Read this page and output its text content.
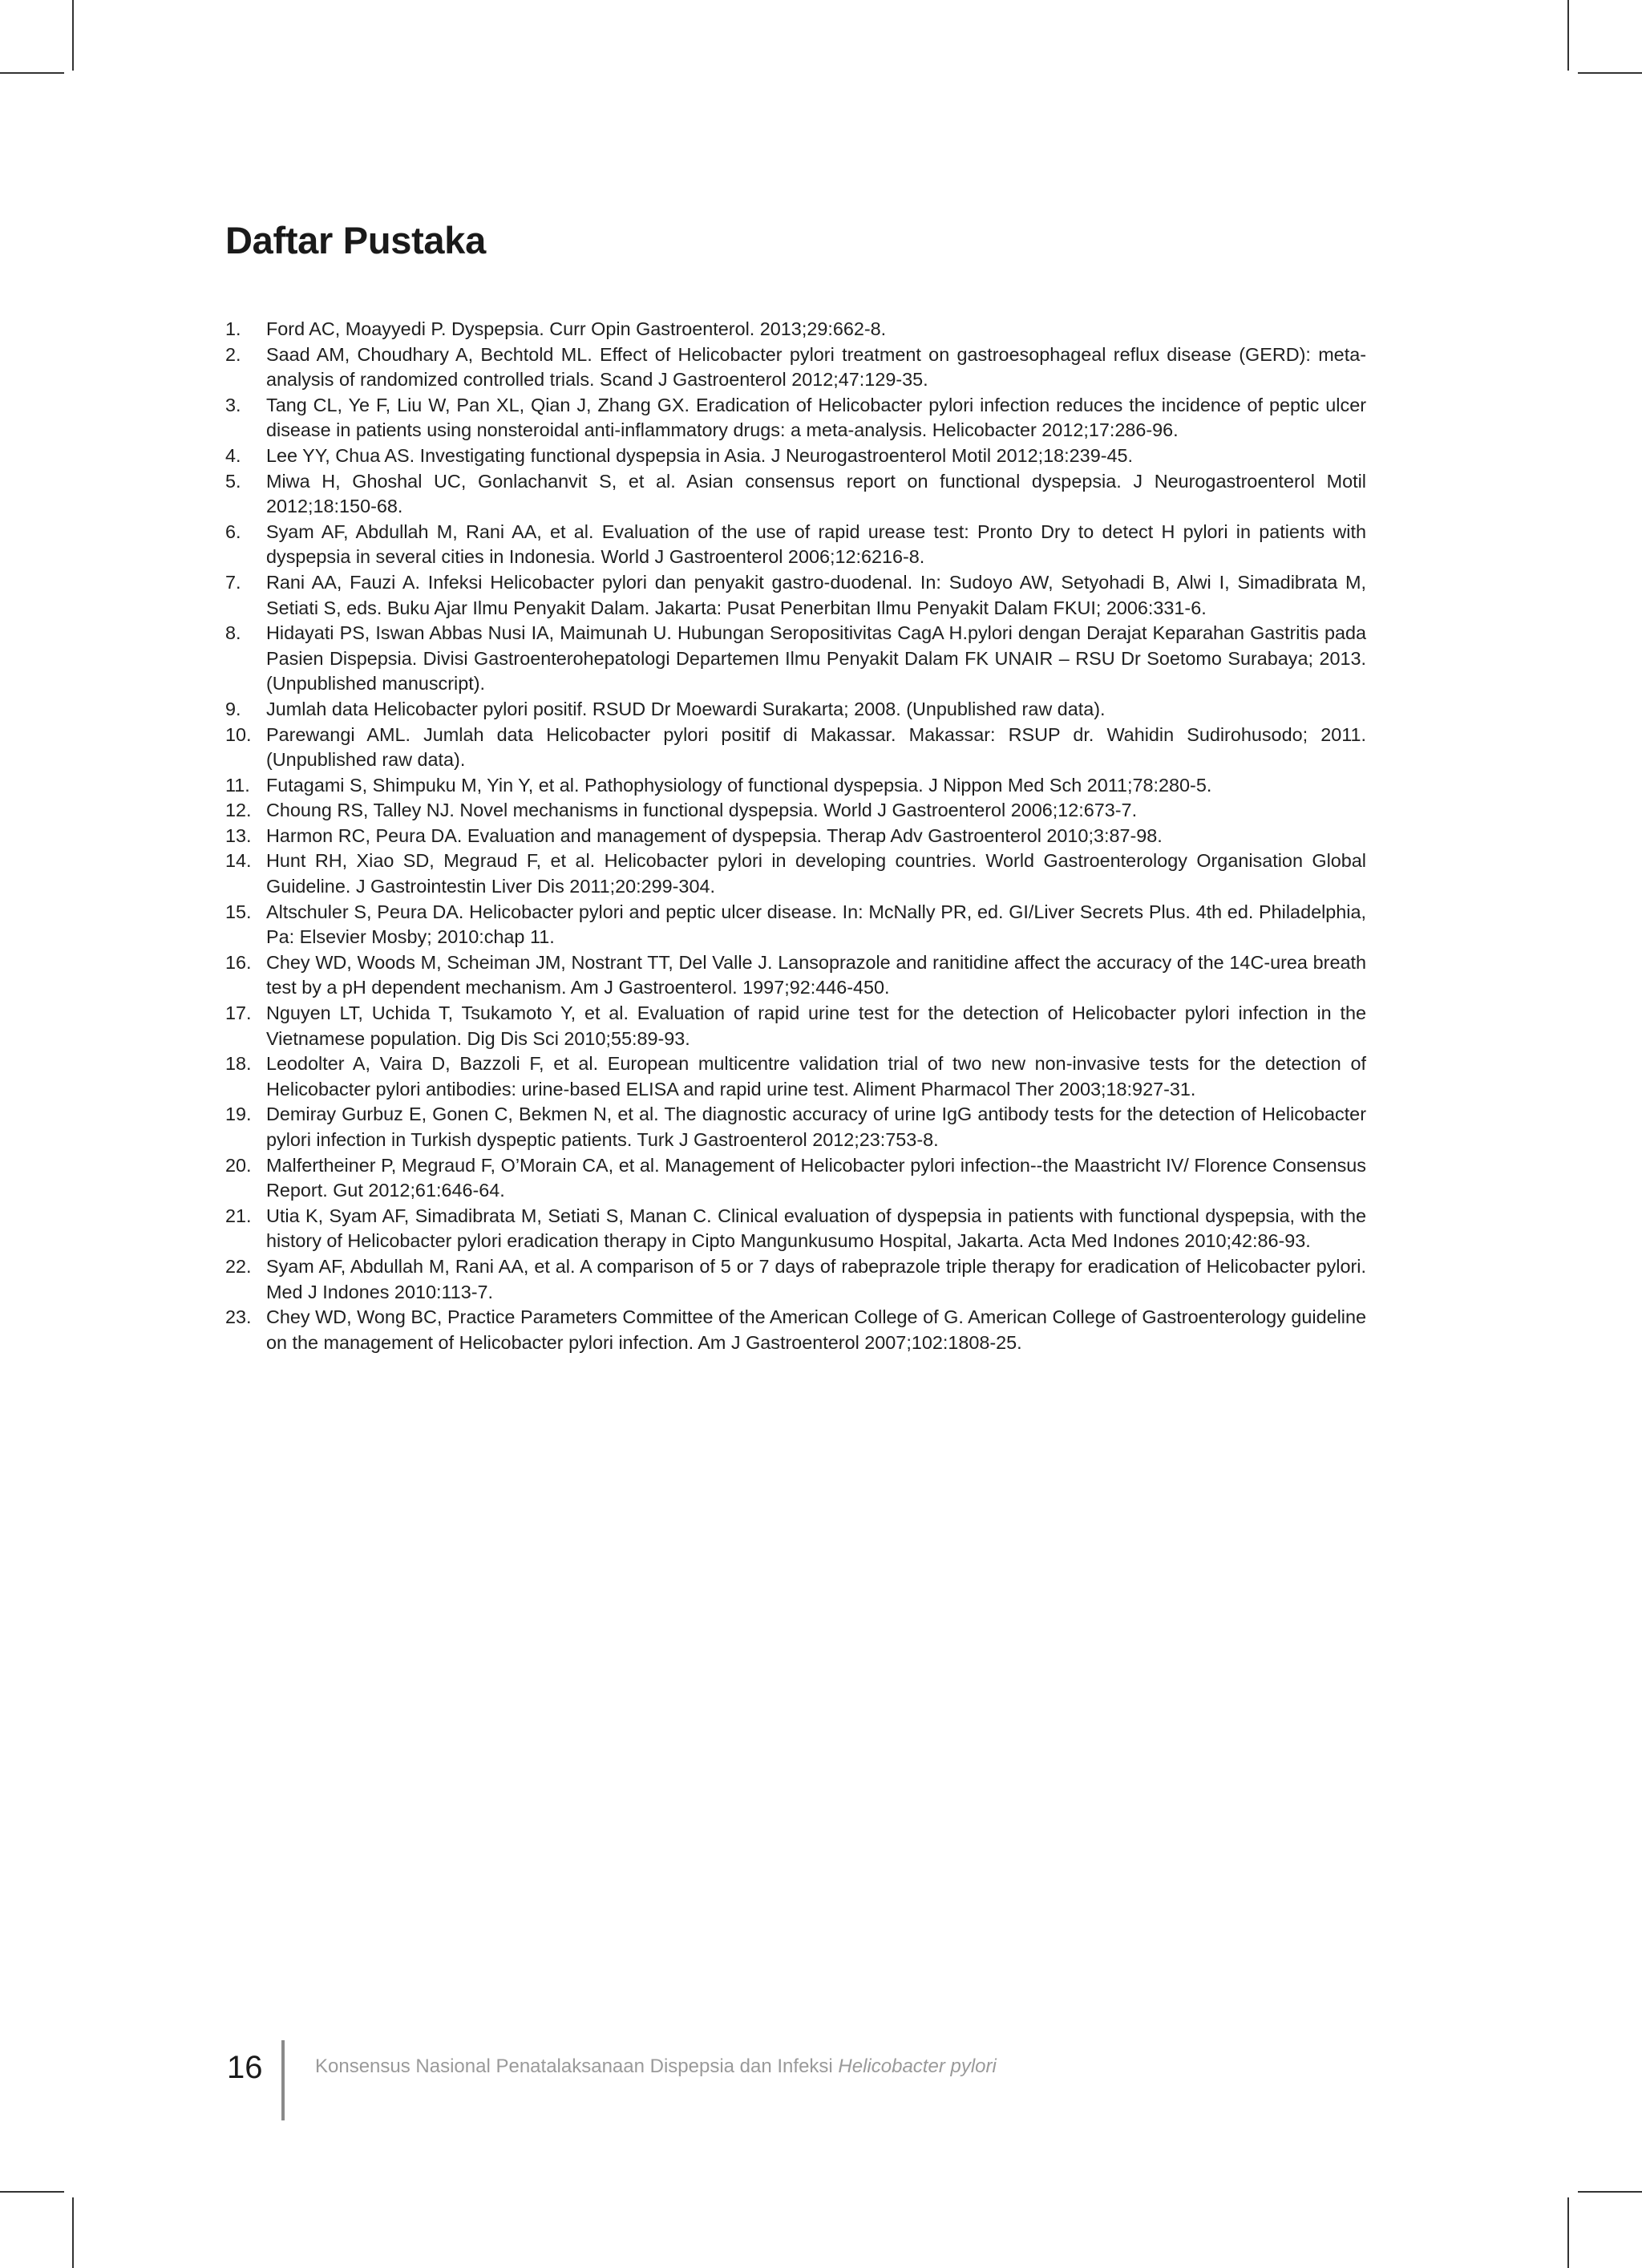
Daftar Pustaka
1. Ford AC, Moayyedi P. Dyspepsia. Curr Opin Gastroenterol. 2013;29:662-8.
2. Saad AM, Choudhary A, Bechtold ML. Effect of Helicobacter pylori treatment on gastroesophageal reflux disease (GERD): meta-analysis of randomized controlled trials. Scand J Gastroenterol 2012;47:129-35.
3. Tang CL, Ye F, Liu W, Pan XL, Qian J, Zhang GX. Eradication of Helicobacter pylori infection reduces the incidence of peptic ulcer disease in patients using nonsteroidal anti-inflammatory drugs: a meta-analysis. Helicobacter 2012;17:286-96.
4. Lee YY, Chua AS. Investigating functional dyspepsia in Asia. J Neurogastroenterol Motil 2012;18:239-45.
5. Miwa H, Ghoshal UC, Gonlachanvit S, et al. Asian consensus report on functional dyspepsia. J Neurogastroenterol Motil 2012;18:150-68.
6. Syam AF, Abdullah M, Rani AA, et al. Evaluation of the use of rapid urease test: Pronto Dry to detect H pylori in patients with dyspepsia in several cities in Indonesia. World J Gastroenterol 2006;12:6216-8.
7. Rani AA, Fauzi A. Infeksi Helicobacter pylori dan penyakit gastro-duodenal. In: Sudoyo AW, Setyohadi B, Alwi I, Simadibrata M, Setiati S, eds. Buku Ajar Ilmu Penyakit Dalam. Jakarta: Pusat Penerbitan Ilmu Penyakit Dalam FKUI; 2006:331-6.
8. Hidayati PS, Iswan Abbas Nusi IA, Maimunah U. Hubungan Seropositivitas CagA H.pylori dengan Derajat Keparahan Gastritis pada Pasien Dispepsia. Divisi Gastroenterohepatologi Departemen Ilmu Penyakit Dalam FK UNAIR – RSU Dr Soetomo Surabaya; 2013. (Unpublished manuscript).
9. Jumlah data Helicobacter pylori positif. RSUD Dr Moewardi Surakarta; 2008. (Unpublished raw data).
10. Parewangi AML. Jumlah data Helicobacter pylori positif di Makassar. Makassar: RSUP dr. Wahidin Sudirohusodo; 2011. (Unpublished raw data).
11. Futagami S, Shimpuku M, Yin Y, et al. Pathophysiology of functional dyspepsia. J Nippon Med Sch 2011;78:280-5.
12. Choung RS, Talley NJ. Novel mechanisms in functional dyspepsia. World J Gastroenterol 2006;12:673-7.
13. Harmon RC, Peura DA. Evaluation and management of dyspepsia. Therap Adv Gastroenterol 2010;3:87-98.
14. Hunt RH, Xiao SD, Megraud F, et al. Helicobacter pylori in developing countries. World Gastroenterology Organisation Global Guideline. J Gastrointestin Liver Dis 2011;20:299-304.
15. Altschuler S, Peura DA. Helicobacter pylori and peptic ulcer disease. In: McNally PR, ed. GI/Liver Secrets Plus. 4th ed. Philadelphia, Pa: Elsevier Mosby; 2010:chap 11.
16. Chey WD, Woods M, Scheiman JM, Nostrant TT, Del Valle J. Lansoprazole and ranitidine affect the accuracy of the 14C-urea breath test by a pH dependent mechanism. Am J Gastroenterol. 1997;92:446-450.
17. Nguyen LT, Uchida T, Tsukamoto Y, et al. Evaluation of rapid urine test for the detection of Helicobacter pylori infection in the Vietnamese population. Dig Dis Sci 2010;55:89-93.
18. Leodolter A, Vaira D, Bazzoli F, et al. European multicentre validation trial of two new non-invasive tests for the detection of Helicobacter pylori antibodies: urine-based ELISA and rapid urine test. Aliment Pharmacol Ther 2003;18:927-31.
19. Demiray Gurbuz E, Gonen C, Bekmen N, et al. The diagnostic accuracy of urine IgG antibody tests for the detection of Helicobacter pylori infection in Turkish dyspeptic patients. Turk J Gastroenterol 2012;23:753-8.
20. Malfertheiner P, Megraud F, O’Morain CA, et al. Management of Helicobacter pylori infection--the Maastricht IV/ Florence Consensus Report. Gut 2012;61:646-64.
21. Utia K, Syam AF, Simadibrata M, Setiati S, Manan C. Clinical evaluation of dyspepsia in patients with functional dyspepsia, with the history of Helicobacter pylori eradication therapy in Cipto Mangunkusumo Hospital, Jakarta. Acta Med Indones 2010;42:86-93.
22. Syam AF, Abdullah M, Rani AA, et al. A comparison of 5 or 7 days of rabeprazole triple therapy for eradication of Helicobacter pylori. Med J Indones 2010:113-7.
23. Chey WD, Wong BC, Practice Parameters Committee of the American College of G. American College of Gastroenterology guideline on the management of Helicobacter pylori infection. Am J Gastroenterol 2007;102:1808-25.
16	Konsensus Nasional Penatalaksanaan Dispepsia dan Infeksi Helicobacter pylori
